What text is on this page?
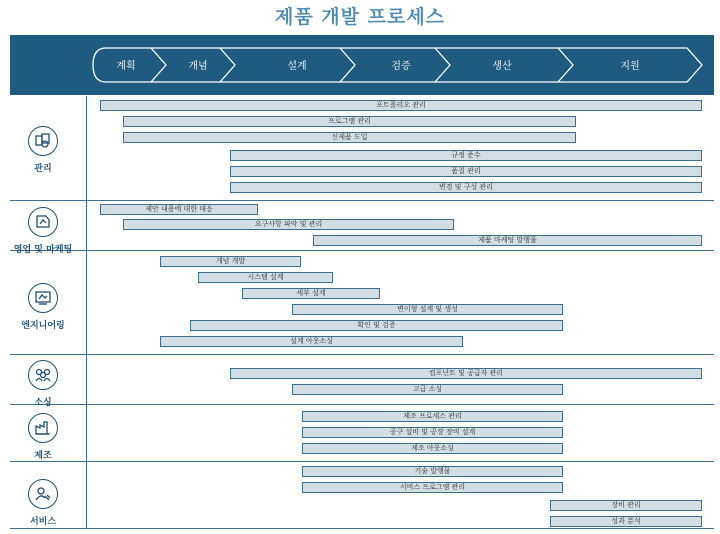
제품 개발 프로세스
계획	개념	설계	검증	생산	지원
관리
영업 및 마케팅
엔지니어링
소싱
제조
서비스
포트폴리오 관리
프로그램 관리
신제품 도입
규정 준수
품질 관리
변경 및 구성 관리
제안 내용에 대한 대응
요구사항 파악 및 관리
제품 마케팅 발행물
개념 개발
시스템 설계
세부 설계
변이형 설계 및 생성
확인 및 검증
설계 아웃소싱
컴포넌트 및 공급자 관리
고급 소싱
제조 프로세스 관리
공구 설비 및 공장 장비 설계
제조 아웃소싱
기술 발행물
서비스 프로그램 관리
장비 관리
성과 분석
